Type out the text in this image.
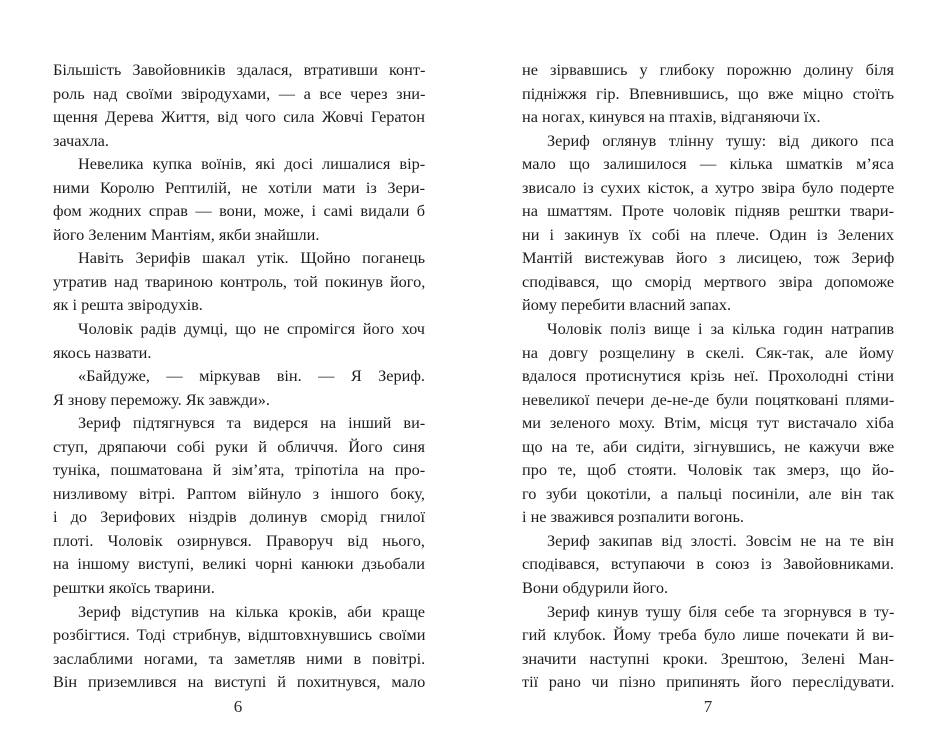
Більшість Завойовників здалася, втративши конт-
роль над своїми звіродухами, — а все через зни-
щення Дерева Життя, від чого сила Жовчі Гератон
зачахла.
Невелика купка воїнів, які досі лишалися вір-
ними Королю Рептилій, не хотіли мати із Зери-
фом жодних справ — вони, може, і самі видали б
його Зеленим Мантіям, якби знайшли.
Навіть Зерифів шакал утік. Щойно поганець
утратив над твариною контроль, той покинув його,
як і решта звіродухів.
Чоловік радів думці, що не спромігся його хоч
якось назвати.
«Байдуже, — міркував він. — Я Зериф.
Я знову переможу. Як завжди».
Зериф підтягнувся та видерся на інший ви-
ступ, дряпаючи собі руки й обличчя. Його синя
туніка, пошматована й зім’ята, тріпотіла на про-
низливому вітрі. Раптом війнуло з іншого боку,
і до Зерифових ніздрів долинув сморід гнилої
плоті. Чоловік озирнувся. Праворуч від нього,
на іншому виступі, великі чорні канюки дзьобали
рештки якоїсь тварини.
Зериф відступив на кілька кроків, аби краще
розбігтися. Тоді стрибнув, відштовхнувшись своїми
заслаблими ногами, та заметляв ними в повітрі.
Він приземлився на виступі й похитнувся, мало
не зірвавшись у глибоку порожню долину біля
підніжжя гір. Впевнившись, що вже міцно стоїть
на ногах, кинувся на птахів, відганяючи їх.
Зериф оглянув тлінну тушу: від дикого пса
мало що залишилося — кілька шматків м’яса
звисало із сухих кісток, а хутро звіра було подерте
на шматтям. Проте чоловік підняв рештки твари-
ни і закинув їх собі на плече. Один із Зелених
Мантій вистежував його з лисицею, тож Зериф
сподівався, що сморід мертвого звіра допоможе
йому перебити власний запах.
Чоловік поліз вище і за кілька годин натрапив
на довгу розщелину в скелі. Сяк-так, але йому
вдалося протиснутися крізь неї. Прохолодні стіни
невеликої печери де-не-де були поцятковані плями-
ми зеленого моху. Втім, місця тут вистачало хіба
що на те, аби сидіти, зігнувшись, не кажучи вже
про те, щоб стояти. Чоловік так змерз, що йо-
го зуби цокотіли, а пальці посиніли, але він так
і не зважився розпалити вогонь.
Зериф закипав від злості. Зовсім не на те він
сподівався, вступаючи в союз із Завойовниками.
Вони обдурили його.
Зериф кинув тушу біля себе та згорнувся в ту-
гий клубок. Йому треба було лише почекати й ви-
значити наступні кроки. Зрештою, Зелені Ман-
тії рано чи пізно припинять його переслідувати.
6	7
